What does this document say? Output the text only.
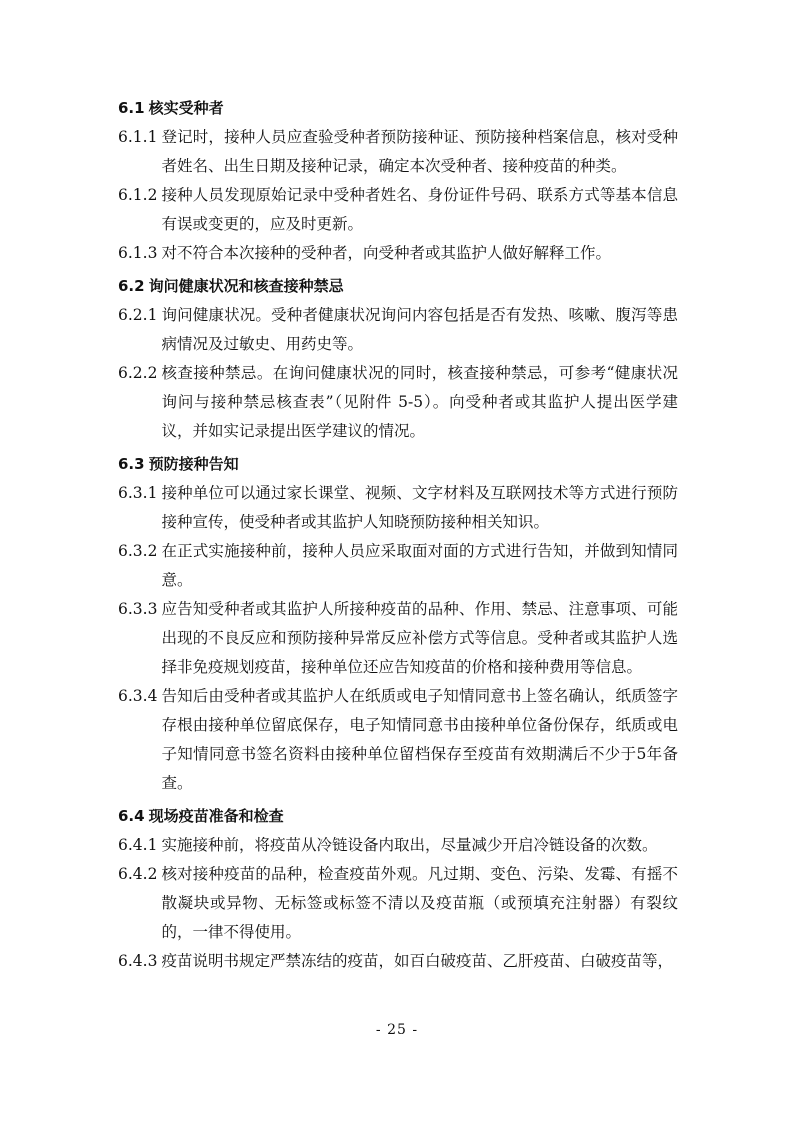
6.1 核实受种者
6.1.1 登记时，接种人员应查验受种者预防接种证、预防接种档案信息，核对受种者姓名、出生日期及接种记录，确定本次受种者、接种疫苗的种类。
6.1.2 接种人员发现原始记录中受种者姓名、身份证件号码、联系方式等基本信息有误或变更的，应及时更新。
6.1.3 对不符合本次接种的受种者，向受种者或其监护人做好解释工作。
6.2 询问健康状况和核查接种禁忌
6.2.1 询问健康状况。受种者健康状况询问内容包括是否有发热、咳嗽、腹泻等患病情况及过敏史、用药史等。
6.2.2 核查接种禁忌。在询问健康状况的同时，核查接种禁忌，可参考“健康状况询问与接种禁忌核查表”（见附件 5-5）。向受种者或其监护人提出医学建议，并如实记录提出医学建议的情况。
6.3 预防接种告知
6.3.1 接种单位可以通过家长课堂、视频、文字材料及互联网技术等方式进行预防接种宣传，使受种者或其监护人知晓预防接种相关知识。
6.3.2 在正式实施接种前，接种人员应采取面对面的方式进行告知，并做到知情同意。
6.3.3 应告知受种者或其监护人所接种疫苗的品种、作用、禁忌、注意事项、可能出现的不良反应和预防接种异常反应补偿方式等信息。受种者或其监护人选择非免疫规划疫苗，接种单位还应告知疫苗的价格和接种费用等信息。
6.3.4 告知后由受种者或其监护人在纸质或电子知情同意书上签名确认，纸质签字存根由接种单位留底保存，电子知情同意书由接种单位备份保存，纸质或电子知情同意书签名资料由接种单位留档保存至疫苗有效期满后不少于5年备查。
6.4 现场疫苗准备和检查
6.4.1 实施接种前，将疫苗从冷链设备内取出，尽量减少开启冷链设备的次数。
6.4.2 核对接种疫苗的品种，检查疫苗外观。凡过期、变色、污染、发霉、有摇不散凝块或异物、无标签或标签不清以及疫苗瓶（或预填充注射器）有裂纹的，一律不得使用。
6.4.3 疫苗说明书规定严禁冻结的疫苗，如百白破疫苗、乙肝疫苗、白破疫苗等，
- 25 -
